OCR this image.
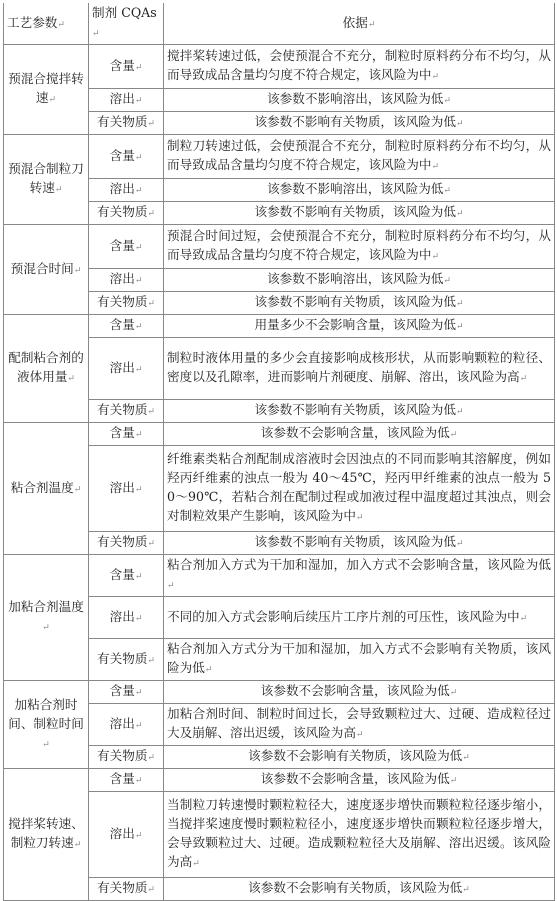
工艺参数↵	制剂 CQAs↵	依据↵
预混合搅拌转速↵	含量↵	搅拌桨转速过低，会使预混合不充分，制粒时原料药分布不均匀，从而导致成品含量均匀度不符合规定，该风险为中↵
	溶出↵	该参数不影响溶出，该风险为低↵
	有关物质↵	该参数不影响有关物质，该风险为低↵
预混合制粒刀转速↵	含量↵	制粒刀转速过低，会使预混合不充分，制粒时原料药分布不均匀，从而导致成品含量均匀度不符合规定，该风险为中↵
	溶出↵	该参数不影响溶出，该风险为低↵
	有关物质↵	该参数不影响有关物质，该风险为低↵
预混合时间↵	含量↵	预混合时间过短，会使预混合不充分，制粒时原料药分布不均匀，从而导致成品含量均匀度不符合规定，该风险为中↵
	溶出↵	该参数不影响溶出，该风险为低↵
	有关物质↵	该参数不影响有关物质，该风险为低↵
配制粘合剂的液体用量↵	含量↵	用量多少不会影响含量，该风险为低↵
	溶出↵	制粒时液体用量的多少会直接影响成核形状，从而影响颗粒的粒径、密度以及孔隙率，进而影响片剂硬度、崩解、溶出，该风险为高↵
	有关物质↵	该参数不影响有关物质，该风险为低↵
粘合剂温度↵	含量↵	该参数不会影响含量，该风险为低↵
	溶出↵	纤维素类粘合剂配制成溶液时会因浊点的不同而影响其溶解度，例如羟丙纤维素的浊点一般为 40～45℃，羟丙甲纤维素的浊点一般为 50～90℃，若粘合剂在配制过程或加液过程中温度超过其浊点，则会对制粒效果产生影响，该风险为中↵
	有关物质↵	该参数不影响有关物质，该风险为低↵
加粘合剂温度↵	含量↵	粘合剂加入方式为干加和湿加，加入方式不会影响含量，该风险为低↵
	溶出↵	不同的加入方式会影响后续压片工序片剂的可压性，该风险为中↵
	有关物质↵	粘合剂加入方式分为干加和湿加，加入方式不会影响有关物质，该风险为低↵
加粘合剂时间、制粒时间↵	含量↵	该参数不会影响含量，该风险为低↵
	溶出↵	加粘合剂时间、制粒时间过长，会导致颗粒过大、过硬、造成粒径过大及崩解、溶出迟缓，该风险为高↵
	有关物质↵	该参数不会影响有关物质，该风险为低↵
搅拌桨转速、制粒刀转速↵	含量↵	该参数不会影响含量，该风险为低↵
	溶出↵	当制粒刀转速慢时颗粒粒径大，速度逐步增快而颗粒粒径逐步缩小，当搅拌桨速度慢时颗粒粒径小，速度逐步增快而颗粒粒径逐步增大，会导致颗粒过大、过硬。造成颗粒粒径大及崩解、溶出迟缓。该风险为高↵
	有关物质↵	该参数不会影响有关物质，该风险为低↵
